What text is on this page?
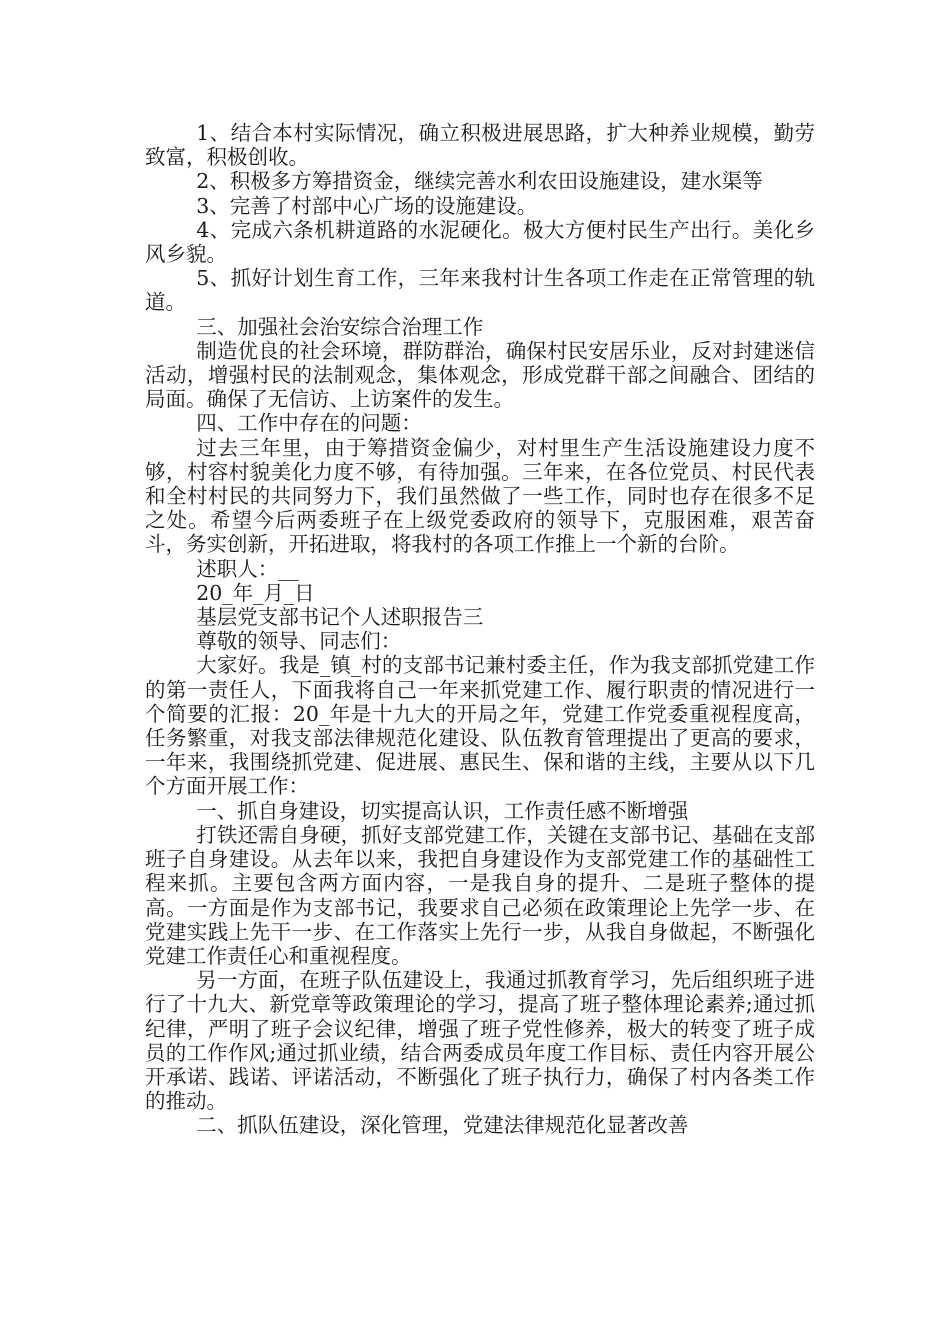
1、结合本村实际情况，确立积极进展思路，扩大种养业规模，勤劳致富，积极创收。

2、积极多方筹措资金，继续完善水利农田设施建设，建水渠等

3、完善了村部中心广场的设施建设。

4、完成六条机耕道路的水泥硬化。极大方便村民生产出行。美化乡风乡貌。

5、抓好计划生育工作，三年来我村计生各项工作走在正常管理的轨道。

三、加强社会治安综合治理工作

制造优良的社会环境，群防群治，确保村民安居乐业，反对封建迷信活动，增强村民的法制观念，集体观念，形成党群干部之间融合、团结的局面。确保了无信访、上访案件的发生。

四、工作中存在的问题：

过去三年里，由于筹措资金偏少，对村里生产生活设施建设力度不够，村容村貌美化力度不够，有待加强。三年来，在各位党员、村民代表和全村村民的共同努力下，我们虽然做了一些工作，同时也存在很多不足之处。希望今后两委班子在上级党委政府的领导下，克服困难，艰苦奋斗，务实创新，开拓进取，将我村的各项工作推上一个新的台阶。

述职人：__

20_年_月_日

基层党支部书记个人述职报告三

尊敬的领导、同志们：

大家好。我是_镇_村的支部书记兼村委主任，作为我支部抓党建工作的第一责任人，下面我将自己一年来抓党建工作、履行职责的情况进行一个简要的汇报：20_年是十九大的开局之年，党建工作党委重视程度高，任务繁重，对我支部法律规范化建设、队伍教育管理提出了更高的要求，一年来，我围绕抓党建、促进展、惠民生、保和谐的主线，主要从以下几个方面开展工作：

一、抓自身建设，切实提高认识，工作责任感不断增强

打铁还需自身硬，抓好支部党建工作，关键在支部书记、基础在支部班子自身建设。从去年以来，我把自身建设作为支部党建工作的基础性工程来抓。主要包含两方面内容，一是我自身的提升、二是班子整体的提高。一方面是作为支部书记，我要求自己必须在政策理论上先学一步、在党建实践上先干一步、在工作落实上先行一步，从我自身做起，不断强化党建工作责任心和重视程度。

另一方面，在班子队伍建设上，我通过抓教育学习，先后组织班子进行了十九大、新党章等政策理论的学习，提高了班子整体理论素养;通过抓纪律，严明了班子会议纪律，增强了班子党性修养，极大的转变了班子成员的工作作风;通过抓业绩，结合两委成员年度工作目标、责任内容开展公开承诺、践诺、评诺活动，不断强化了班子执行力，确保了村内各类工作的推动。

二、抓队伍建设，深化管理，党建法律规范化显著改善
